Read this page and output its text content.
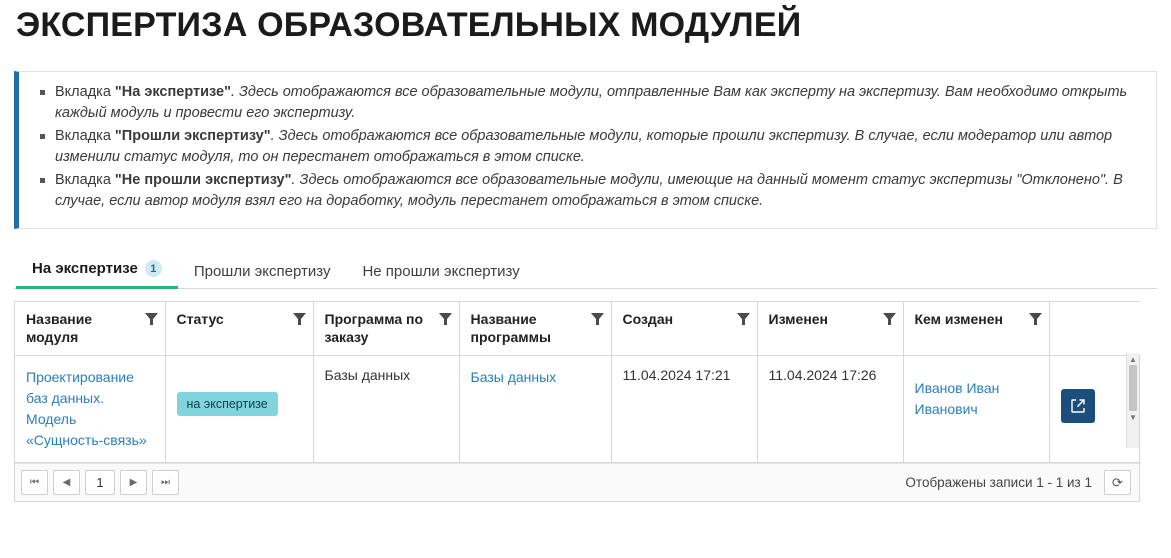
ЭКСПЕРТИЗА ОБРАЗОВАТЕЛЬНЫХ МОДУЛЕЙ
Вкладка "На экспертизе". Здесь отображаются все образовательные модули, отправленные Вам как эксперту на экспертизу. Вам необходимо открыть каждый модуль и провести его экспертизу.
Вкладка "Прошли экспертизу". Здесь отображаются все образовательные модули, которые прошли экспертизу. В случае, если модератор или автор изменили статус модуля, то он перестанет отображаться в этом списке.
Вкладка "Не прошли экспертизу". Здесь отображаются все образовательные модули, имеющие на данный момент статус экспертизы "Отклонено". В случае, если автор модуля взял его на доработку, модуль перестанет отображаться в этом списке.
На экспертизе	1	Прошли экспертизу Не прошли экспертизу
Название модуля	Статус	Программа по заказу	Название программы	Создан	Изменен	Кем изменен	

Проектирование баз данных. Модель «Сущность-связь»	на экспертизе	Базы данных	Базы данных	11.04.2024 17:21	11.04.2024 17:26	Иванов Иван Иванович	
▲
▼
⏮	◀	1	▶	⏭	Отображены записи 1 - 1 из 1	⟳
